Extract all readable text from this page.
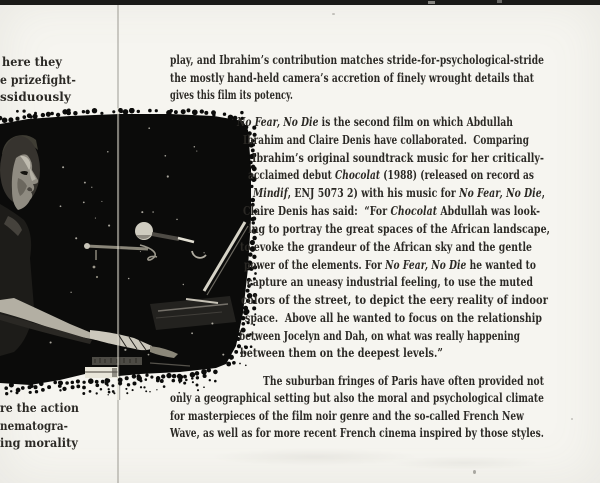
play, and Ibrahim’s contribution matches stride-for-psychological-stride
the mostly hand-held camera’s accretion of finely wrought details that
gives this film its potency.
No Fear, No Die is the second film on which Abdullah
Ibrahim and Claire Denis have collaborated.  Comparing
Ibrahim’s original soundtrack music for her critically-
acclaimed debut Chocolat (1988) (released on record as
Mindif, ENJ 5073 2) with his music for No Fear, No Die,
Claire Denis has said:  “For Chocolat Abdullah was look-
ing to portray the great spaces of the African landscape,
to evoke the grandeur of the African sky and the gentle
power of the elements. For No Fear, No Die he wanted to
capture an uneasy industrial feeling, to use the muted
colors of the street, to depict the eery reality of indoor
space.  Above all he wanted to focus on the relationship
between Jocelyn and Dah, on what was really happening
between them on the deepest levels.”
The suburban fringes of Paris have often provided not
only a geographical setting but also the moral and psychological climate
for masterpieces of the film noir genre and the so-called French New
Wave, as well as for more recent French cinema inspired by those styles.
here they
e prizefight-
ssiduously
re the action
nematogra-
ing morality
